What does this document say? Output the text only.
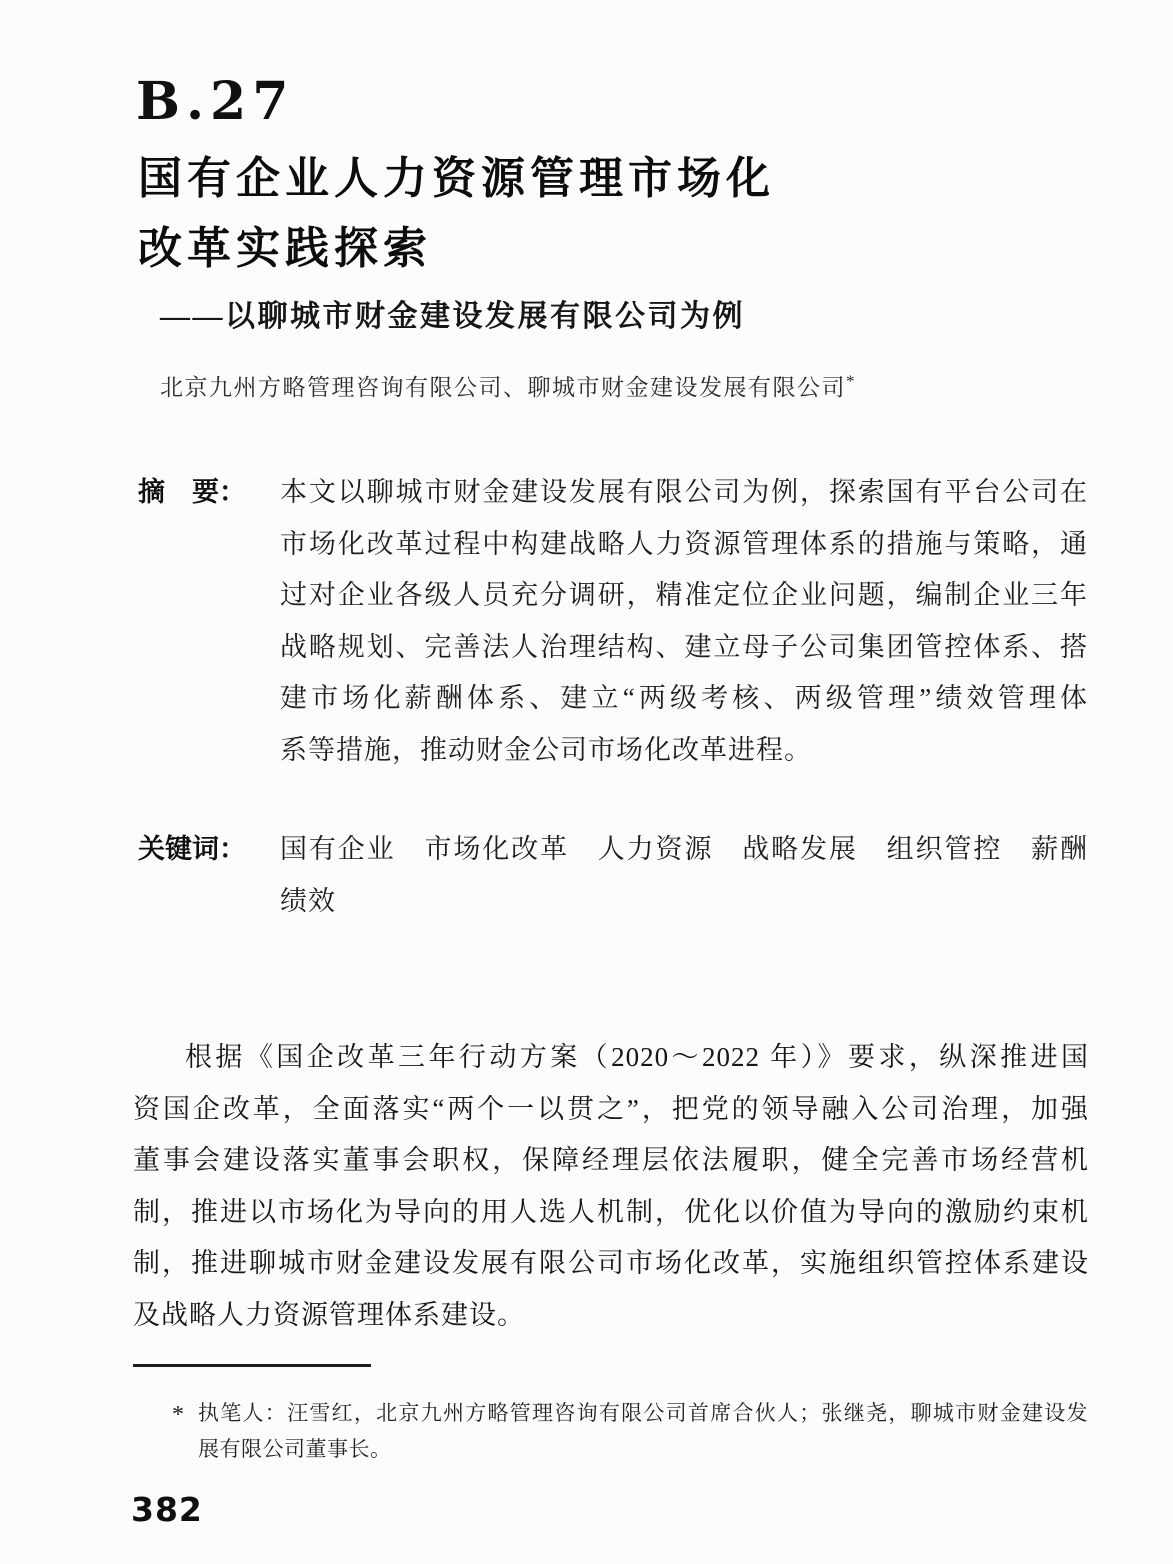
B.27
国有企业人力资源管理市场化
改革实践探索
——以聊城市财金建设发展有限公司为例
北京九州方略管理咨询有限公司、聊城市财金建设发展有限公司*
摘　要： 本文以聊城市财金建设发展有限公司为例，探索国有平台公司在
市场化改革过程中构建战略人力资源管理体系的措施与策略，通
过对企业各级人员充分调研，精准定位企业问题，编制企业三年
战略规划、完善法人治理结构、建立母子公司集团管控体系、搭
建市场化薪酬体系、建立“两级考核、两级管理”绩效管理体
系等措施，推动财金公司市场化改革进程。
关键词： 国有企业　市场化改革　人力资源　战略发展　组织管控　薪酬
绩效
根据《国企改革三年行动方案（2020～2022 年）》要求，纵深推进国
资国企改革，全面落实“两个一以贯之”，把党的领导融入公司治理，加强
董事会建设落实董事会职权，保障经理层依法履职，健全完善市场经营机
制，推进以市场化为导向的用人选人机制，优化以价值为导向的激励约束机
制，推进聊城市财金建设发展有限公司市场化改革，实施组织管控体系建设
及战略人力资源管理体系建设。
* 执笔人：汪雪红，北京九州方略管理咨询有限公司首席合伙人；张继尧，聊城市财金建设发
展有限公司董事长。
382
